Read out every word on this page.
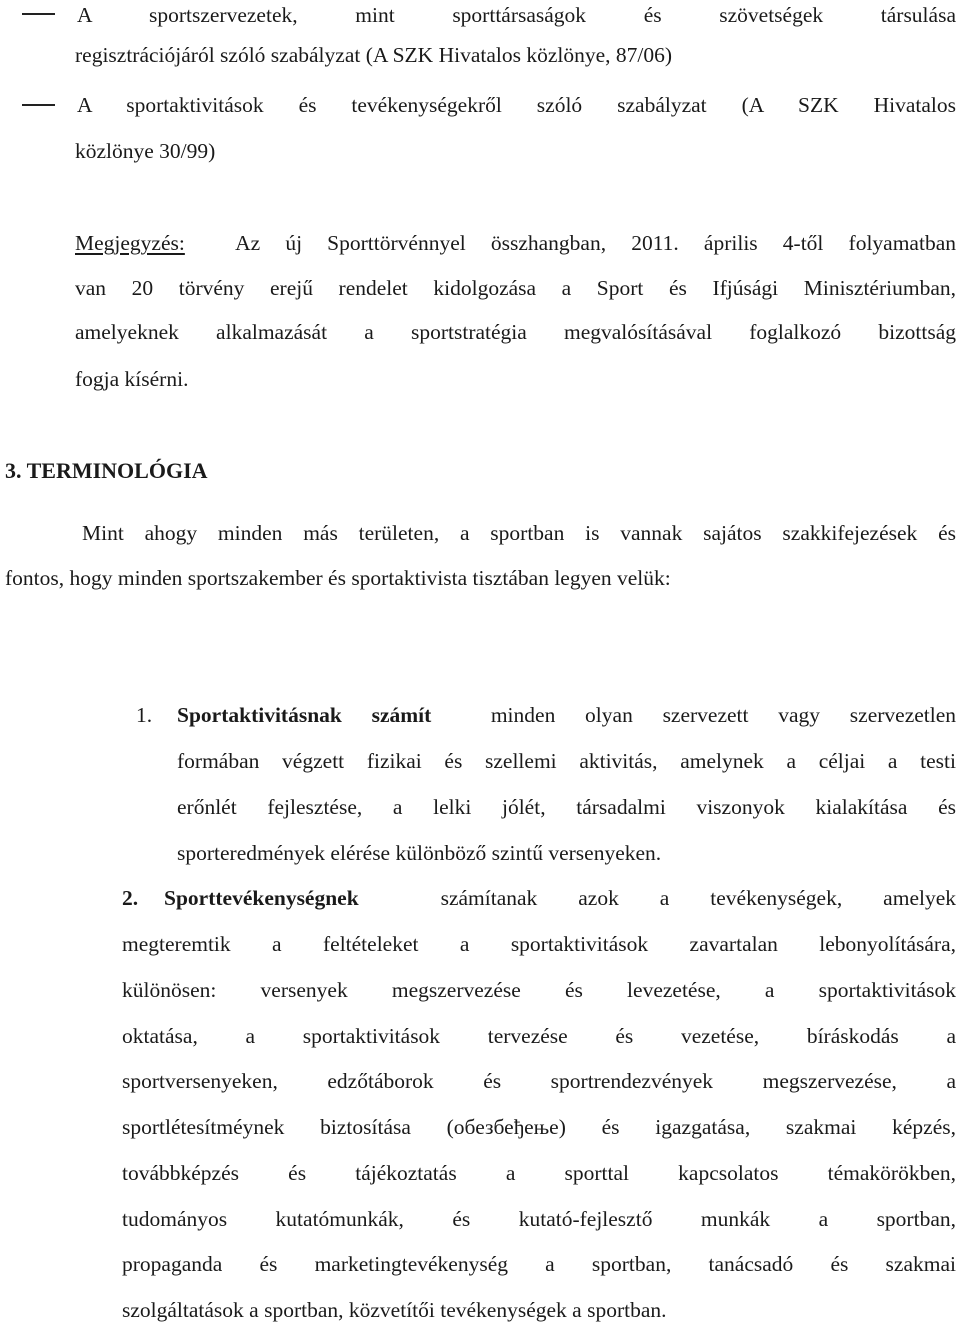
A sportszervezetek, mint sporttársaságok és szövetségek társulása
regisztrációjáról szóló szabályzat (A SZK Hivatalos közlönye, 87/06)
A sportaktivitások és tevékenységekről szóló szabályzat (A SZK Hivatalos
közlönye 30/99)
Megjegyzés: Az új Sporttörvénnyel összhangban, 2011. április 4-től folyamatban
van 20 törvény erejű rendelet kidolgozása a Sport és Ifjúsági Minisztériumban,
amelyeknek alkalmazását a sportstratégia megvalósításával foglalkozó bizottság
fogja kísérni.
3. TERMINOLÓGIA
Mint ahogy minden más területen, a sportban is vannak sajátos szakkifejezések és
fontos, hogy minden sportszakember és sportaktivista tisztában legyen velük:
1. Sportaktivitásnak számít	minden olyan szervezett vagy szervezetlen
formában végzett fizikai és szellemi aktivitás, amelynek a céljai a testi
erőnlét fejlesztése, a lelki jólét, társadalmi viszonyok kialakítása és
sporteredmények elérése különböző szintű versenyeken.
2. Sporttevékenységnek	számítanak azok a tevékenységek, amelyek
megteremtik a feltételeket a sportaktivitások zavartalan lebonyolítására,
különösen: versenyek megszervezése és levezetése, a sportaktivitások
oktatása, a sportaktivitások tervezése és vezetése, bíráskodás a
sportversenyeken, edzőtáborok és sportrendezvények megszervezése, a
sportlétesítméynek biztosítása (обезбеђење) és igazgatása, szakmai képzés,
továbbképzés és tájékoztatás a sporttal kapcsolatos témakörökben,
tudományos kutatómunkák, és kutató-fejlesztő munkák a sportban,
propaganda és marketingtevékenység a sportban, tanácsadó és szakmai
szolgáltatások a sportban, közvetítői tevékenységek a sportban.
